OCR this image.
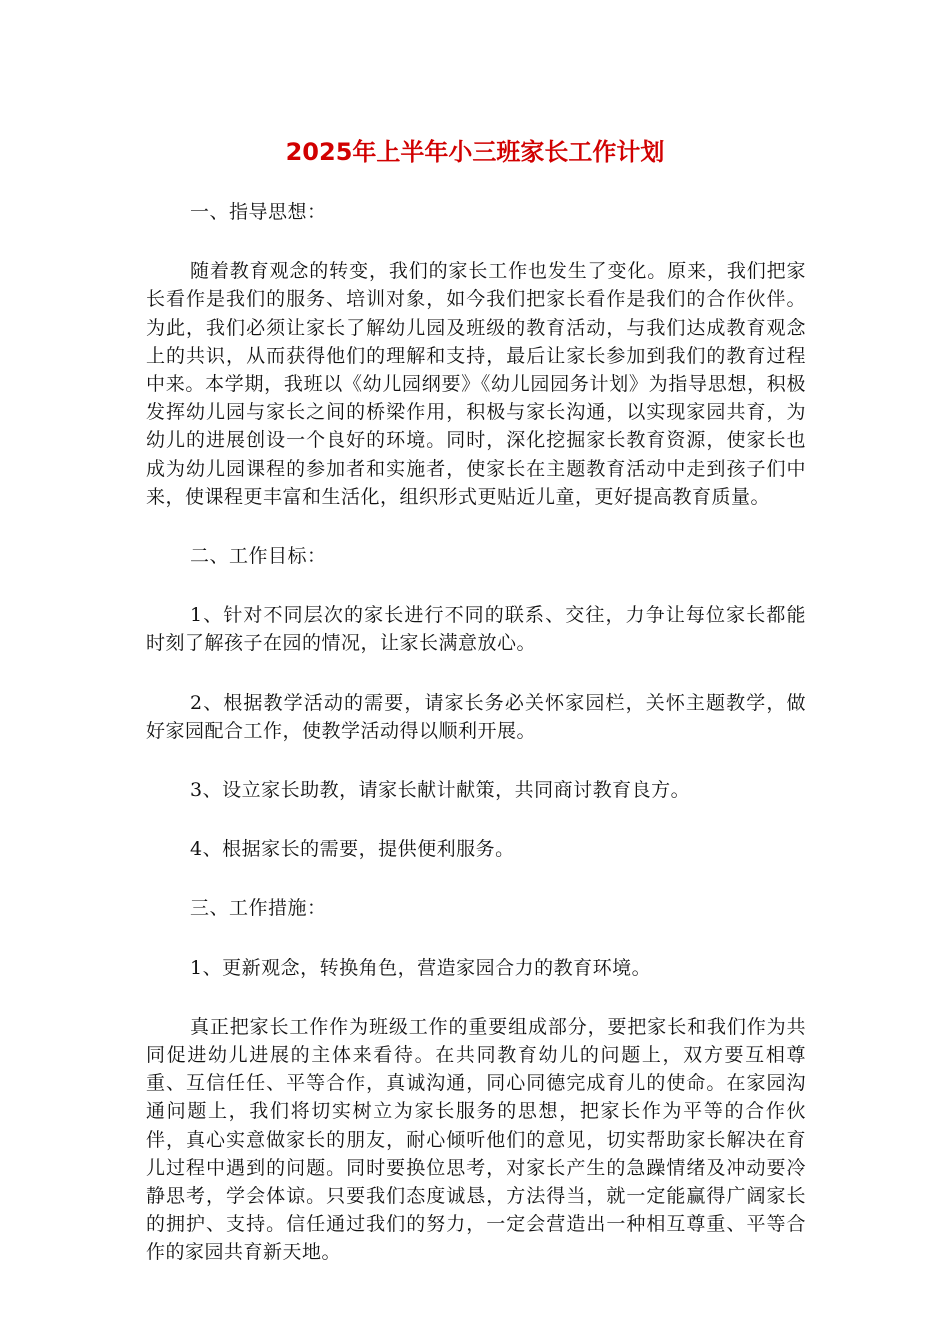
2025年上半年小三班家长工作计划

一、指导思想：

随着教育观念的转变，我们的家长工作也发生了变化。原来，我们把家长看作是我们的服务、培训对象，如今我们把家长看作是我们的合作伙伴。为此，我们必须让家长了解幼儿园及班级的教育活动，与我们达成教育观念上的共识，从而获得他们的理解和支持，最后让家长参加到我们的教育过程中来。本学期，我班以《幼儿园纲要》《幼儿园园务计划》为指导思想，积极发挥幼儿园与家长之间的桥梁作用，积极与家长沟通，以实现家园共育，为幼儿的进展创设一个良好的环境。同时，深化挖掘家长教育资源，使家长也成为幼儿园课程的参加者和实施者，使家长在主题教育活动中走到孩子们中来，使课程更丰富和生活化，组织形式更贴近儿童，更好提高教育质量。

二、工作目标：

1、针对不同层次的家长进行不同的联系、交往，力争让每位家长都能时刻了解孩子在园的情况，让家长满意放心。

2、根据教学活动的需要，请家长务必关怀家园栏，关怀主题教学，做好家园配合工作，使教学活动得以顺利开展。

3、设立家长助教，请家长献计献策，共同商讨教育良方。

4、根据家长的需要，提供便利服务。

三、工作措施：

1、更新观念，转换角色，营造家园合力的教育环境。

真正把家长工作作为班级工作的重要组成部分，要把家长和我们作为共同促进幼儿进展的主体来看待。在共同教育幼儿的问题上，双方要互相尊重、互信任任、平等合作，真诚沟通，同心同德完成育儿的使命。在家园沟通问题上，我们将切实树立为家长服务的思想，把家长作为平等的合作伙伴，真心实意做家长的朋友，耐心倾听他们的意见，切实帮助家长解决在育儿过程中遇到的问题。同时要换位思考，对家长产生的急躁情绪及冲动要冷静思考，学会体谅。只要我们态度诚恳，方法得当，就一定能赢得广阔家长的拥护、支持。信任通过我们的努力，一定会营造出一种相互尊重、平等合作的家园共育新天地。
